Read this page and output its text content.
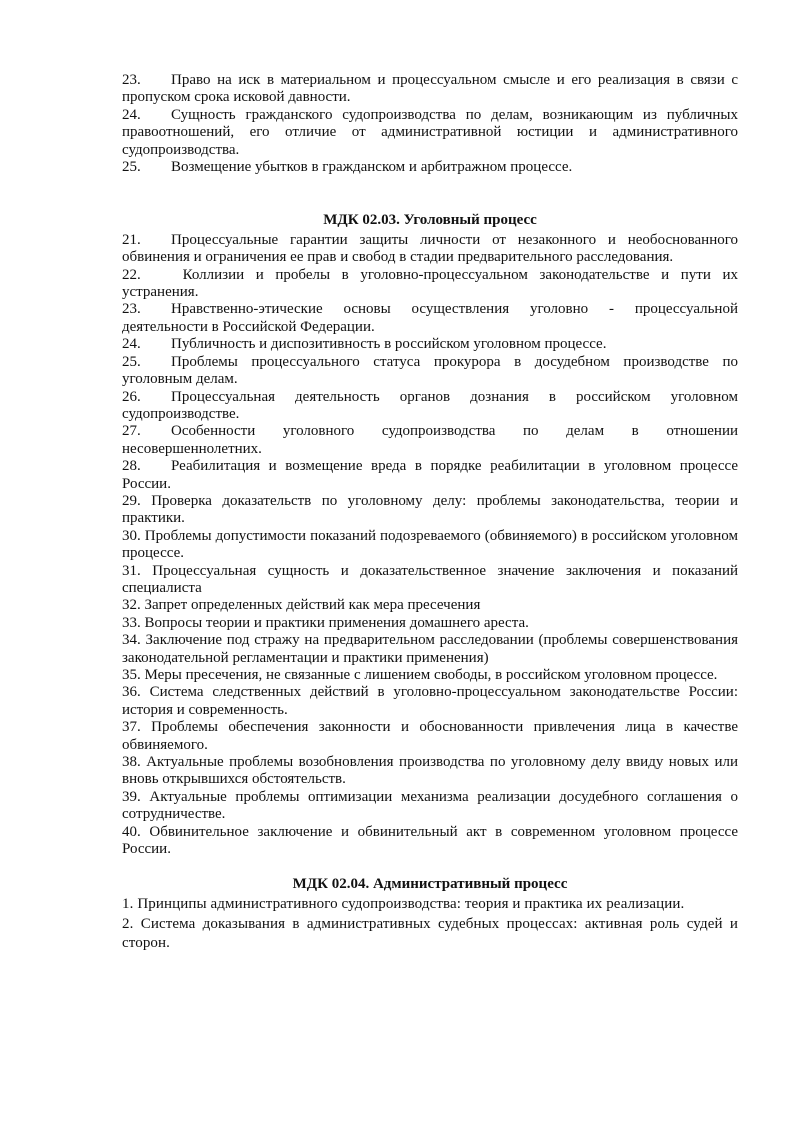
23. Право на иск в материальном и процессуальном смысле и его реализация в связи с пропуском срока исковой давности.

24. Сущность гражданского судопроизводства по делам, возникающим из публичных правоотношений, его отличие от административной юстиции и административного судопроизводства.

25. Возмещение убытков в гражданском и арбитражном процессе.

МДК 02.03. Уголовный процесс

21. Процессуальные гарантии защиты личности от незаконного и необоснованного обвинения и ограничения ее прав и свобод в стадии предварительного расследования.

22. Коллизии и пробелы в уголовно-процессуальном законодательстве и пути их устранения.

23. Нравственно-этические основы осуществления уголовно - процессуальной деятельности в Российской Федерации.

24. Публичность и диспозитивность в российском уголовном процессе.

25. Проблемы процессуального статуса прокурора в досудебном производстве по уголовным делам.

26. Процессуальная деятельность органов дознания в российском уголовном судопроизводстве.

27. Особенности уголовного судопроизводства по делам в отношении несовершеннолетних.

28. Реабилитация и возмещение вреда в порядке реабилитации в уголовном процессе России.

29. Проверка доказательств по уголовному делу: проблемы законодательства, теории и практики.

30. Проблемы допустимости показаний подозреваемого (обвиняемого) в российском уголовном процессе.

31. Процессуальная сущность и доказательственное значение заключения и показаний специалиста

32. Запрет определенных действий как мера пресечения

33. Вопросы теории и практики применения домашнего ареста.

34. Заключение под стражу на предварительном расследовании (проблемы совершенствования законодательной регламентации и практики применения)

35. Меры пресечения, не связанные с лишением свободы, в российском уголовном процессе.

36. Система следственных действий в уголовно-процессуальном законодательстве России: история и современность.

37. Проблемы обеспечения законности и обоснованности привлечения лица в качестве обвиняемого.

38. Актуальные проблемы возобновления производства по уголовному делу ввиду новых или вновь открывшихся обстоятельств.

39. Актуальные проблемы оптимизации механизма реализации досудебного соглашения о сотрудничестве.

40. Обвинительное заключение и обвинительный акт в современном уголовном процессе России.

МДК 02.04. Административный процесс

1. Принципы административного судопроизводства: теория и практика их реализации.

2. Система доказывания в административных судебных процессах: активная роль судей и сторон.
